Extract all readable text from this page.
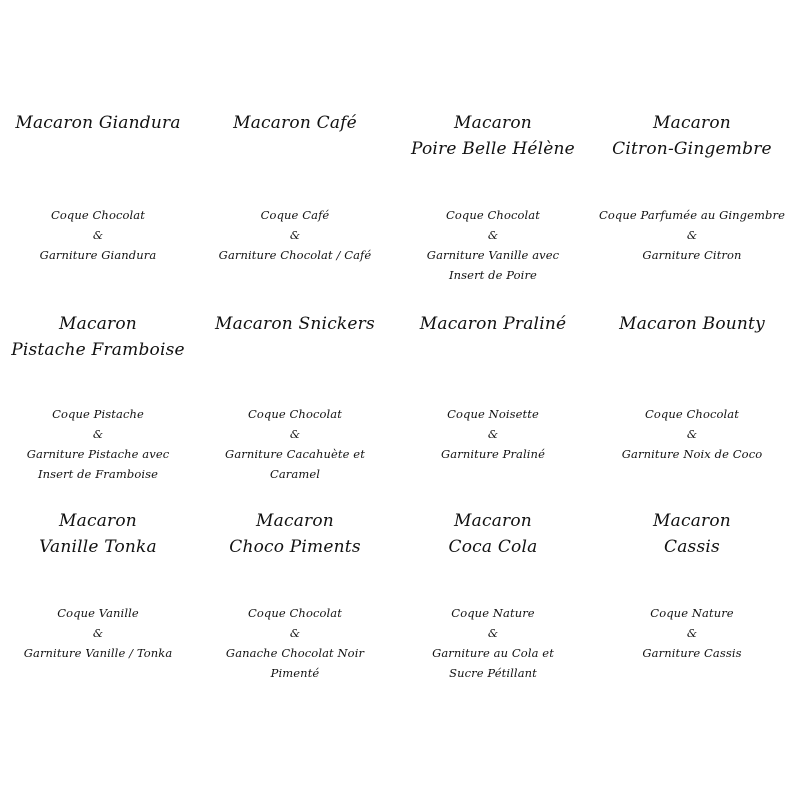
Macaron Giandura
Coque Chocolat
&
Garniture Giandura
Macaron Café
Coque Café
&
Garniture Chocolat / Café
Macaron
Poire Belle Hélène
Coque Chocolat
&
Garniture Vanille avec
Insert de Poire
Macaron
Citron-Gingembre
Coque Parfumée au Gingembre
&
Garniture Citron
Macaron
Pistache Framboise
Coque Pistache
&
Garniture Pistache avec
Insert de Framboise
Macaron Snickers
Coque Chocolat
&
Garniture Cacahuète et
Caramel
Macaron Praliné
Coque Noisette
&
Garniture Praliné
Macaron Bounty
Coque Chocolat
&
Garniture Noix de Coco
Macaron
Vanille Tonka
Coque Vanille
&
Garniture Vanille / Tonka
Macaron
Choco Piments
Coque Chocolat
&
Ganache Chocolat Noir
Pimenté
Macaron
Coca Cola
Coque Nature
&
Garniture au Cola et
Sucre Pétillant
Macaron
Cassis
Coque Nature
&
Garniture Cassis
